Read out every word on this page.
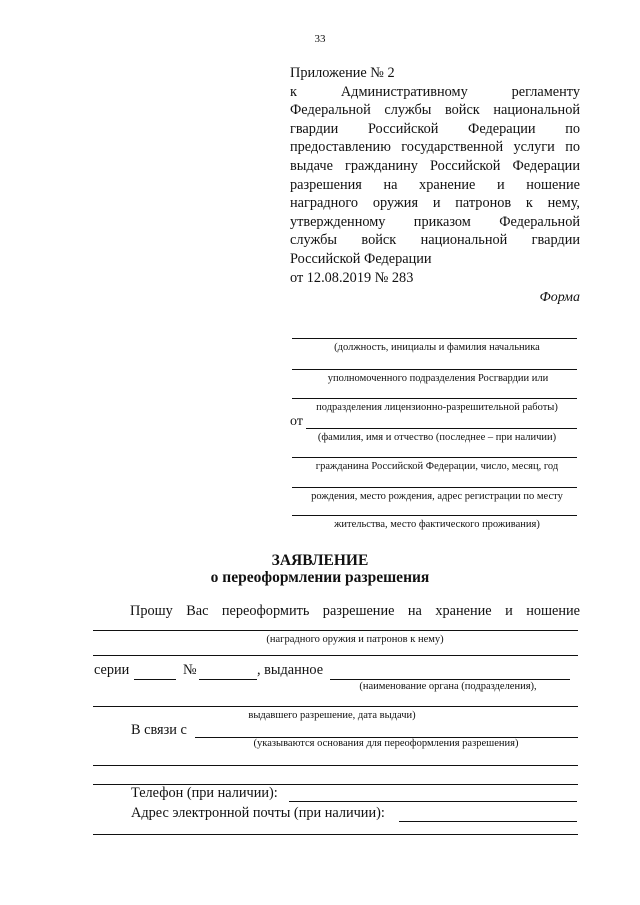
33
Приложение № 2
к Административному регламенту
Федеральной службы войск национальной
гвардии Российской Федерации по
предоставлению государственной услуги по
выдаче гражданину Российской Федерации
разрешения на хранение и ношение
наградного оружия и патронов к нему,
утвержденному приказом Федеральной
службы войск национальной гвардии
Российской Федерации
от 12.08.2019 № 283
Форма
(должность, инициалы и фамилия начальника
уполномоченного подразделения Росгвардии или
подразделения лицензионно-разрешительной работы)
от
(фамилия, имя и отчество (последнее – при наличии)
гражданина Российской Федерации, число, месяц, год
рождения, место рождения, адрес регистрации по месту
жительства, место фактического проживания)
ЗАЯВЛЕНИЕ
о переоформлении разрешения
Прошу Вас переоформить разрешение на хранение и ношение
(наградного оружия и патронов к нему)
серии	№	, выданное
(наименование органа (подразделения),
выдавшего разрешение, дата выдачи)
В связи с
(указываются основания для переоформления разрешения)
Телефон (при наличии):
Адрес электронной почты (при наличии):
